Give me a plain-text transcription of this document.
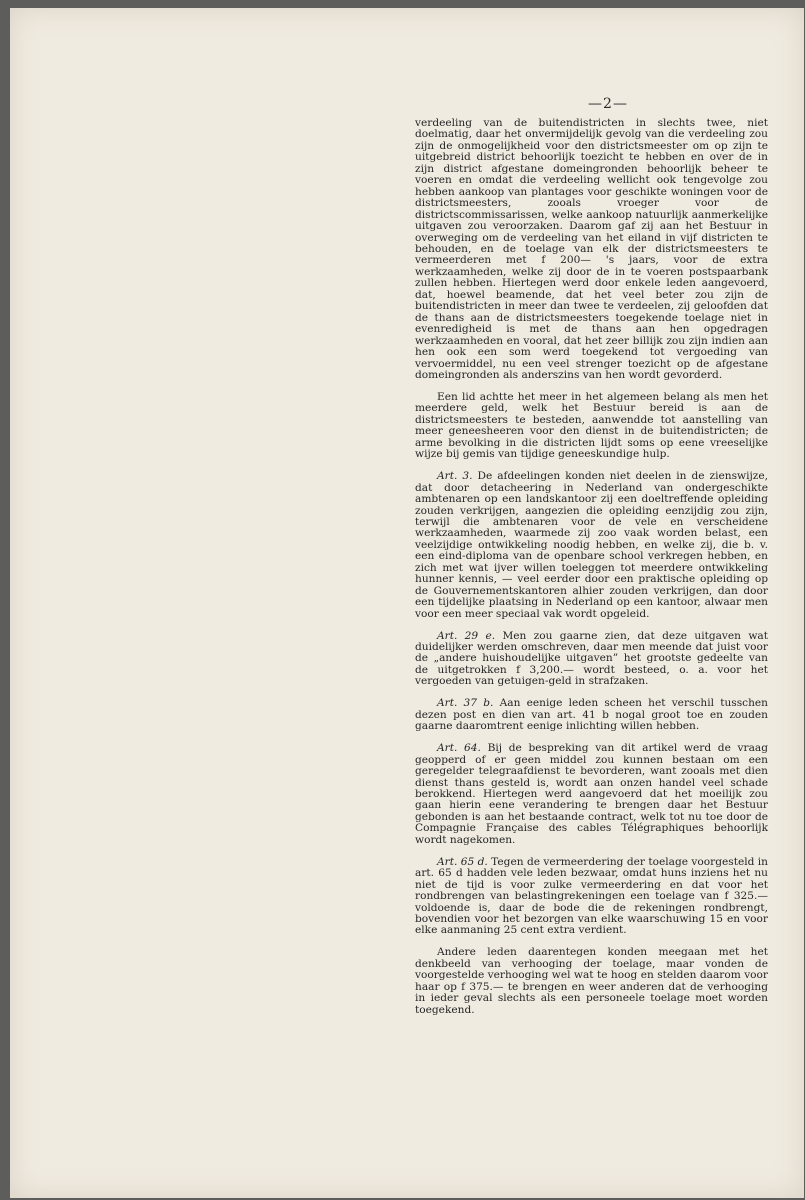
—2—

verdeeling van de buitendistricten in slechts twee, niet doelmatig, daar het onvermijdelijk gevolg van die verdeeling zou zijn de onmogelijkheid voor den districtsmeester om op zijn te uitgebreid district behoorlijk toezicht te hebben en over de in zijn district afgestane domeingronden behoorlijk beheer te voeren en omdat die verdeeling wellicht ook tengevolge zou hebben aankoop van plantages voor geschikte woningen voor de districtsmeesters, zooals vroeger voor de districtscommissarissen, welke aankoop natuurlijk aanmerkelijke uitgaven zou veroorzaken. Daarom gaf zij aan het Bestuur in overweging om de verdeeling van het eiland in vijf districten te behouden, en de toelage van elk der districtsmeesters te vermeerderen met f 200— 's jaars, voor de extra werkzaamheden, welke zij door de in te voeren postspaarbank zullen hebben. Hiertegen werd door enkele leden aangevoerd, dat, hoewel beamende, dat het veel beter zou zijn de buitendistricten in meer dan twee te verdeelen, zij geloofden dat de thans aan de districtsmeesters toegekende toelage niet in evenredigheid is met de thans aan hen opgedragen werkzaamheden en vooral, dat het zeer billijk zou zijn indien aan hen ook een som werd toegekend tot vergoeding van vervoermiddel, nu een veel strenger toezicht op de afgestane domeingronden als anderszins van hen wordt gevorderd.

Een lid achtte het meer in het algemeen belang als men het meerdere geld, welk het Bestuur bereid is aan de districtsmeesters te besteden, aanwendde tot aanstelling van meer geneesheeren voor den dienst in de buitendistricten; de arme bevolking in die districten lijdt soms op eene vreeselijke wijze bij gemis van tijdige geneeskundige hulp.

Art. 3. De afdeelingen konden niet deelen in de zienswijze, dat door detacheering in Nederland van ondergeschikte ambtenaren op een landskantoor zij een doeltreffende opleiding zouden verkrijgen, aangezien die opleiding eenzijdig zou zijn, terwijl die ambtenaren voor de vele en verscheidene werkzaamheden, waarmede zij zoo vaak worden belast, een veelzijdige ontwikkeling noodig hebben, en welke zij, die b. v. een eind-diploma van de openbare school verkregen hebben, en zich met wat ijver willen toeleggen tot meerdere ontwikkeling hunner kennis, — veel eerder door een praktische opleiding op de Gouvernementskantoren alhier zouden verkrijgen, dan door een tijdelijke plaatsing in Nederland op een kantoor, alwaar men voor een meer speciaal vak wordt opgeleid.

Art. 29 e. Men zou gaarne zien, dat deze uitgaven wat duidelijker werden omschreven, daar men meende dat juist voor de „andere huishoudelijke uitgaven” het grootste gedeelte van de uitgetrokken f 3,200.— wordt besteed, o. a. voor het vergoeden van getuigen-geld in strafzaken.

Art. 37 b. Aan eenige leden scheen het verschil tusschen dezen post en dien van art. 41 b nogal groot toe en zouden gaarne daaromtrent eenige inlichting willen hebben.

Art. 64. Bij de bespreking van dit artikel werd de vraag geopperd of er geen middel zou kunnen bestaan om een geregelder telegraafdienst te bevorderen, want zooals met dien dienst thans gesteld is, wordt aan onzen handel veel schade berokkend. Hiertegen werd aangevoerd dat het moeilijk zou gaan hierin eene verandering te brengen daar het Bestuur gebonden is aan het bestaande contract, welk tot nu toe door de Compagnie Française des cables Télégraphiques behoorlijk wordt nagekomen.

Art. 65 d. Tegen de vermeerdering der toelage voorgesteld in art. 65 d hadden vele leden bezwaar, omdat huns inziens het nu niet de tijd is voor zulke vermeerdering en dat voor het rondbrengen van belastingrekeningen een toelage van f 325.— voldoende is, daar de bode die de rekeningen rondbrengt, bovendien voor het bezorgen van elke waarschuwing 15 en voor elke aanmaning 25 cent extra verdient.

Andere leden daarentegen konden meegaan met het denkbeeld van verhooging der toelage, maar vonden de voorgestelde verhooging wel wat te hoog en stelden daarom voor haar op f 375.— te brengen en weer anderen dat de verhooging in ieder geval slechts als een personeele toelage moet worden toegekend.
